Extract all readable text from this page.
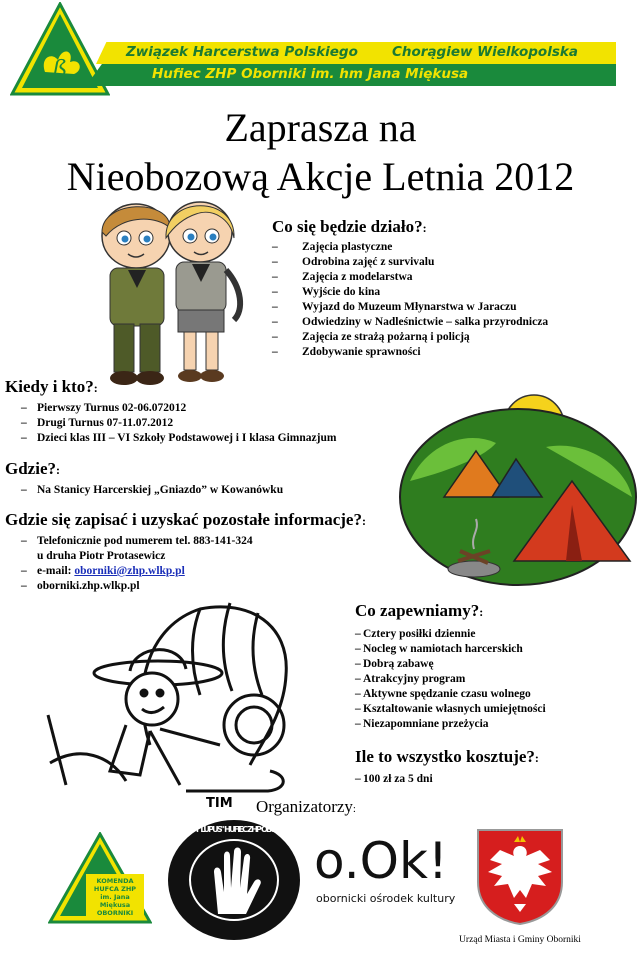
ß
Związek Harcerstwa Polskiego	Chorągiew Wielkopolska
Hufiec ZHP Oborniki im. hm Jana Miękusa
Zaprasza na
Nieobozową Akcje Letnia 2012
Co się będzie działo?:
– Zajęcia plastyczne
– Odrobina zajęć z survivalu
– Zajęcia z modelarstwa
– Wyjście do kina
– Wyjazd do Muzeum Młynarstwa w Jaraczu
– Odwiedziny w Nadleśnictwie – salka przyrodnicza
– Zajęcia ze strażą pożarną i policją
– Zdobywanie sprawności
Kiedy i kto?:
– Pierwszy Turnus 02-06.072012
– Drugi Turnus 07-11.07.2012
– Dzieci klas III – VI Szkoły Podstawowej i I klasa Gimnazjum
Gdzie?:
– Na Stanicy Harcerskiej „Gniazdo” w Kowanówku
Gdzie się zapisać i uzyskać pozostałe informacje?:
– Telefonicznie pod numerem tel. 883-141-324
u druha Piotr Protasewicz
– e-mail: oborniki@zhp.wlkp.pl
– oborniki.zhp.wlkp.pl
Co zapewniamy?:
– Cztery posiłki dziennie
– Nocleg w namiotach harcerskich
– Dobrą zabawę
– Atrakcyjny program
– Aktywne spędzanie czasu wolnego
– Ksztaltowanie własnych umiejętności
– Niezapomniane przeżycia
Ile to wszystko kosztuje?:
– 100 zł za 5 dni
TIM Organizatorzy:
KOMENDA
HUFCA ZHP
im. Jana
Miękusa
OBORNIKI
42 DSH "LUPUS" HUFIEC ZHP OBORNIKI
o.Ok!
obornicki ośrodek kultury
Urząd Miasta i Gminy Oborniki
